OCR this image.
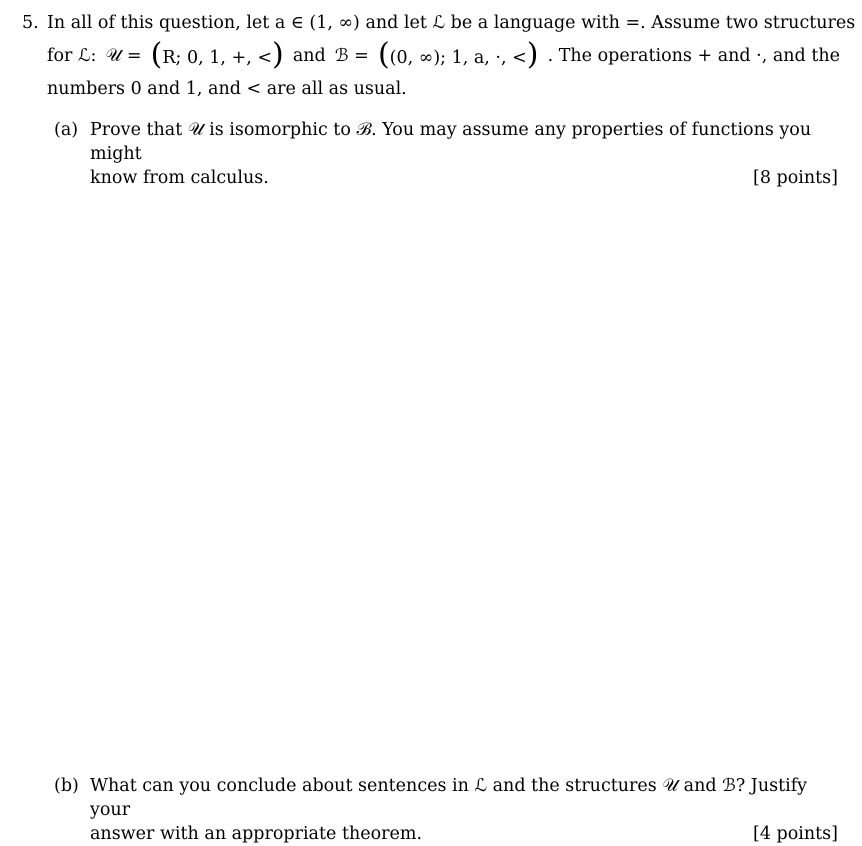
5. In all of this question, let a ∈ (1, ∞) and let ℒ be a language with =. Assume two structures
for ℒ: 𝒰 = (R; 0, 1, +, <) and ℬ = ((0, ∞); 1, a, ·, <) . The operations + and ·, and the
numbers 0 and 1, and < are all as usual.
(a) Prove that 𝒰 is isomorphic to ℬ. You may assume any properties of functions you might
know from calculus.	[8 points]
(b) What can you conclude about sentences in ℒ and the structures 𝒰 and ℬ? Justify your
answer with an appropriate theorem.	[4 points]
